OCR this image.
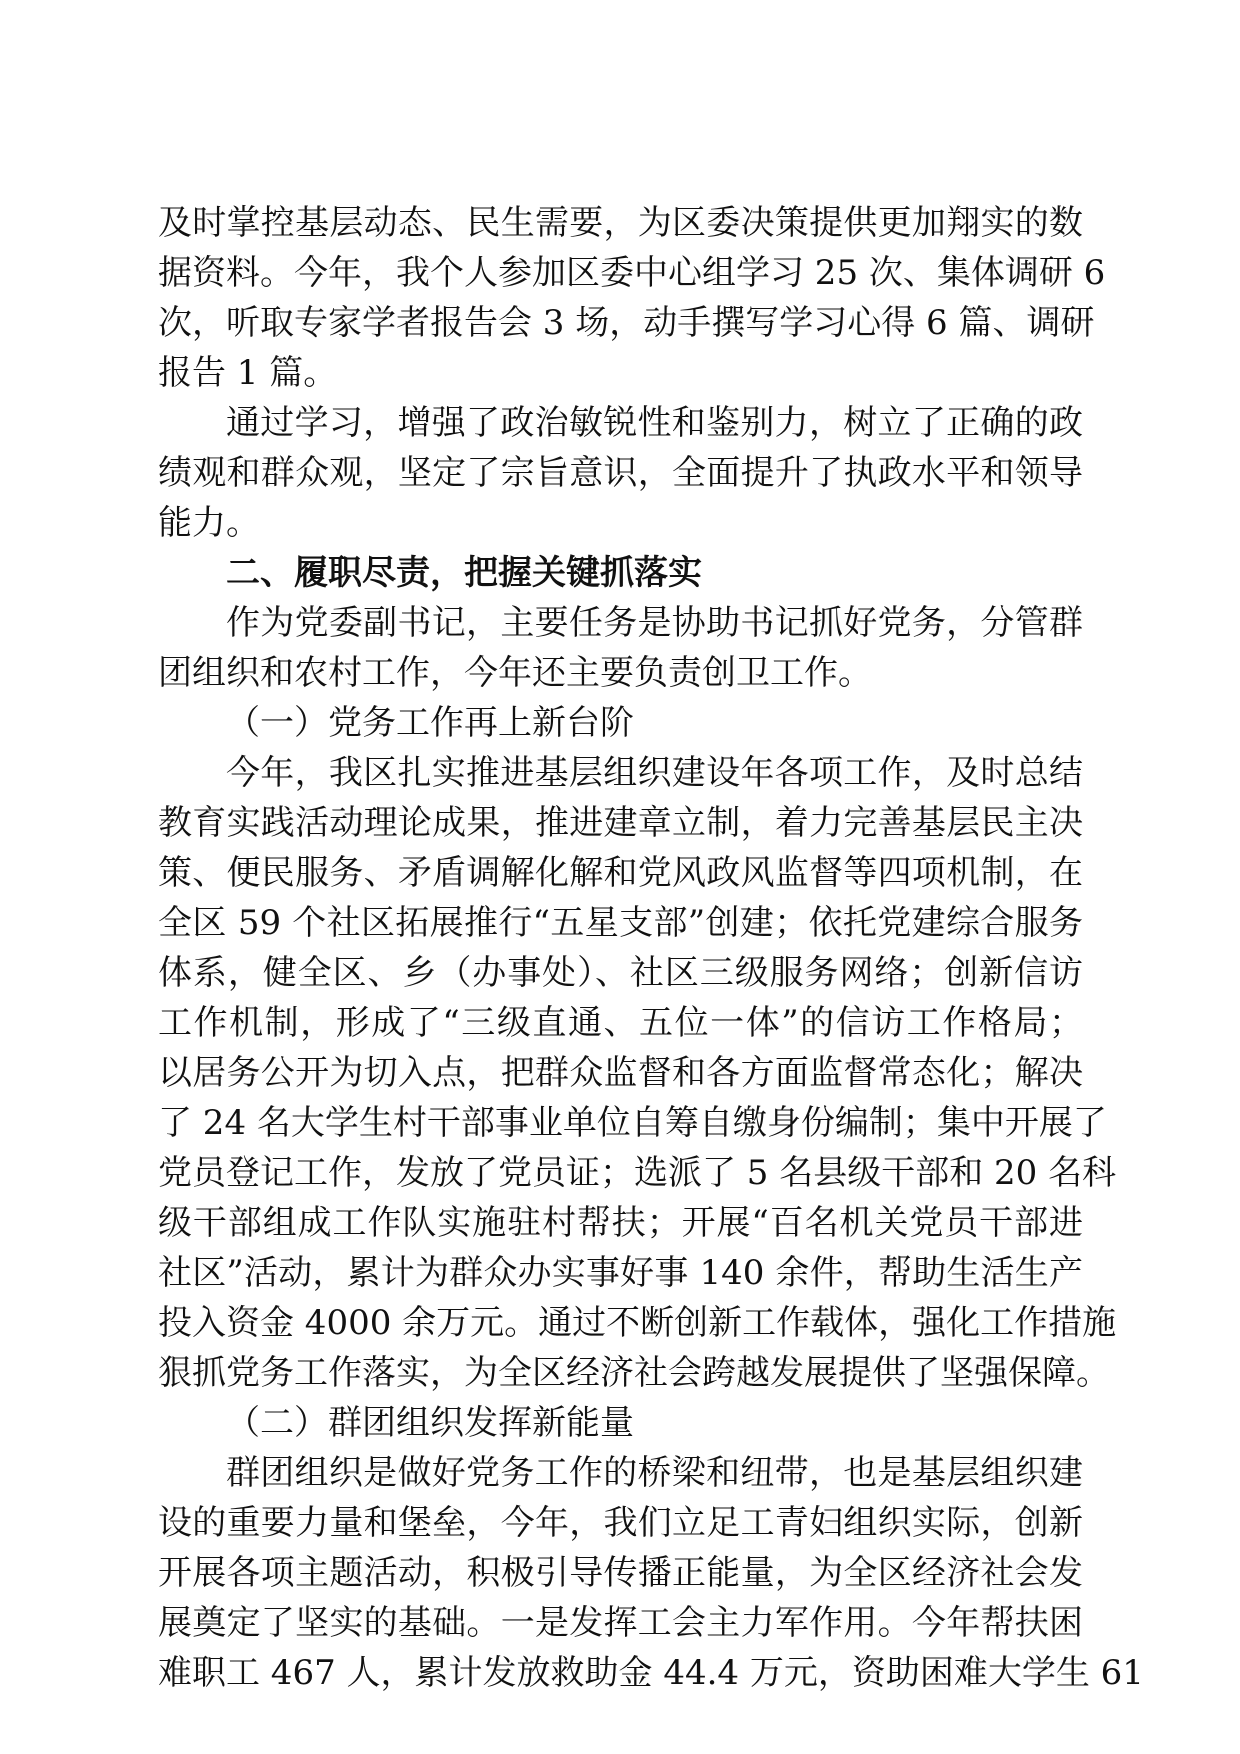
及时掌控基层动态、民生需要，为区委决策提供更加翔实的数
据资料。今年，我个人参加区委中心组学习 25 次、集体调研 6
次，听取专家学者报告会 3 场，动手撰写学习心得 6 篇、调研
报告 1 篇。
通过学习，增强了政治敏锐性和鉴别力，树立了正确的政
绩观和群众观，坚定了宗旨意识，全面提升了执政水平和领导
能力。
二、履职尽责，把握关键抓落实
作为党委副书记，主要任务是协助书记抓好党务，分管群
团组织和农村工作，今年还主要负责创卫工作。
（一）党务工作再上新台阶
今年，我区扎实推进基层组织建设年各项工作，及时总结
教育实践活动理论成果，推进建章立制，着力完善基层民主决
策、便民服务、矛盾调解化解和党风政风监督等四项机制，在
全区 59 个社区拓展推行“五星支部”创建；依托党建综合服务
体系，健全区、乡（办事处）、社区三级服务网络；创新信访
工作机制，形成了“三级直通、五位一体”的信访工作格局；
以居务公开为切入点，把群众监督和各方面监督常态化；解决
了 24 名大学生村干部事业单位自筹自缴身份编制；集中开展了
党员登记工作，发放了党员证；选派了 5 名县级干部和 20 名科
级干部组成工作队实施驻村帮扶；开展“百名机关党员干部进
社区”活动，累计为群众办实事好事 140 余件，帮助生活生产
投入资金 4000 余万元。通过不断创新工作载体，强化工作措施
狠抓党务工作落实，为全区经济社会跨越发展提供了坚强保障。
（二）群团组织发挥新能量
群团组织是做好党务工作的桥梁和纽带，也是基层组织建
设的重要力量和堡垒，今年，我们立足工青妇组织实际，创新
开展各项主题活动，积极引导传播正能量，为全区经济社会发
展奠定了坚实的基础。一是发挥工会主力军作用。今年帮扶困
难职工 467 人，累计发放救助金 44.4 万元，资助困难大学生 61
